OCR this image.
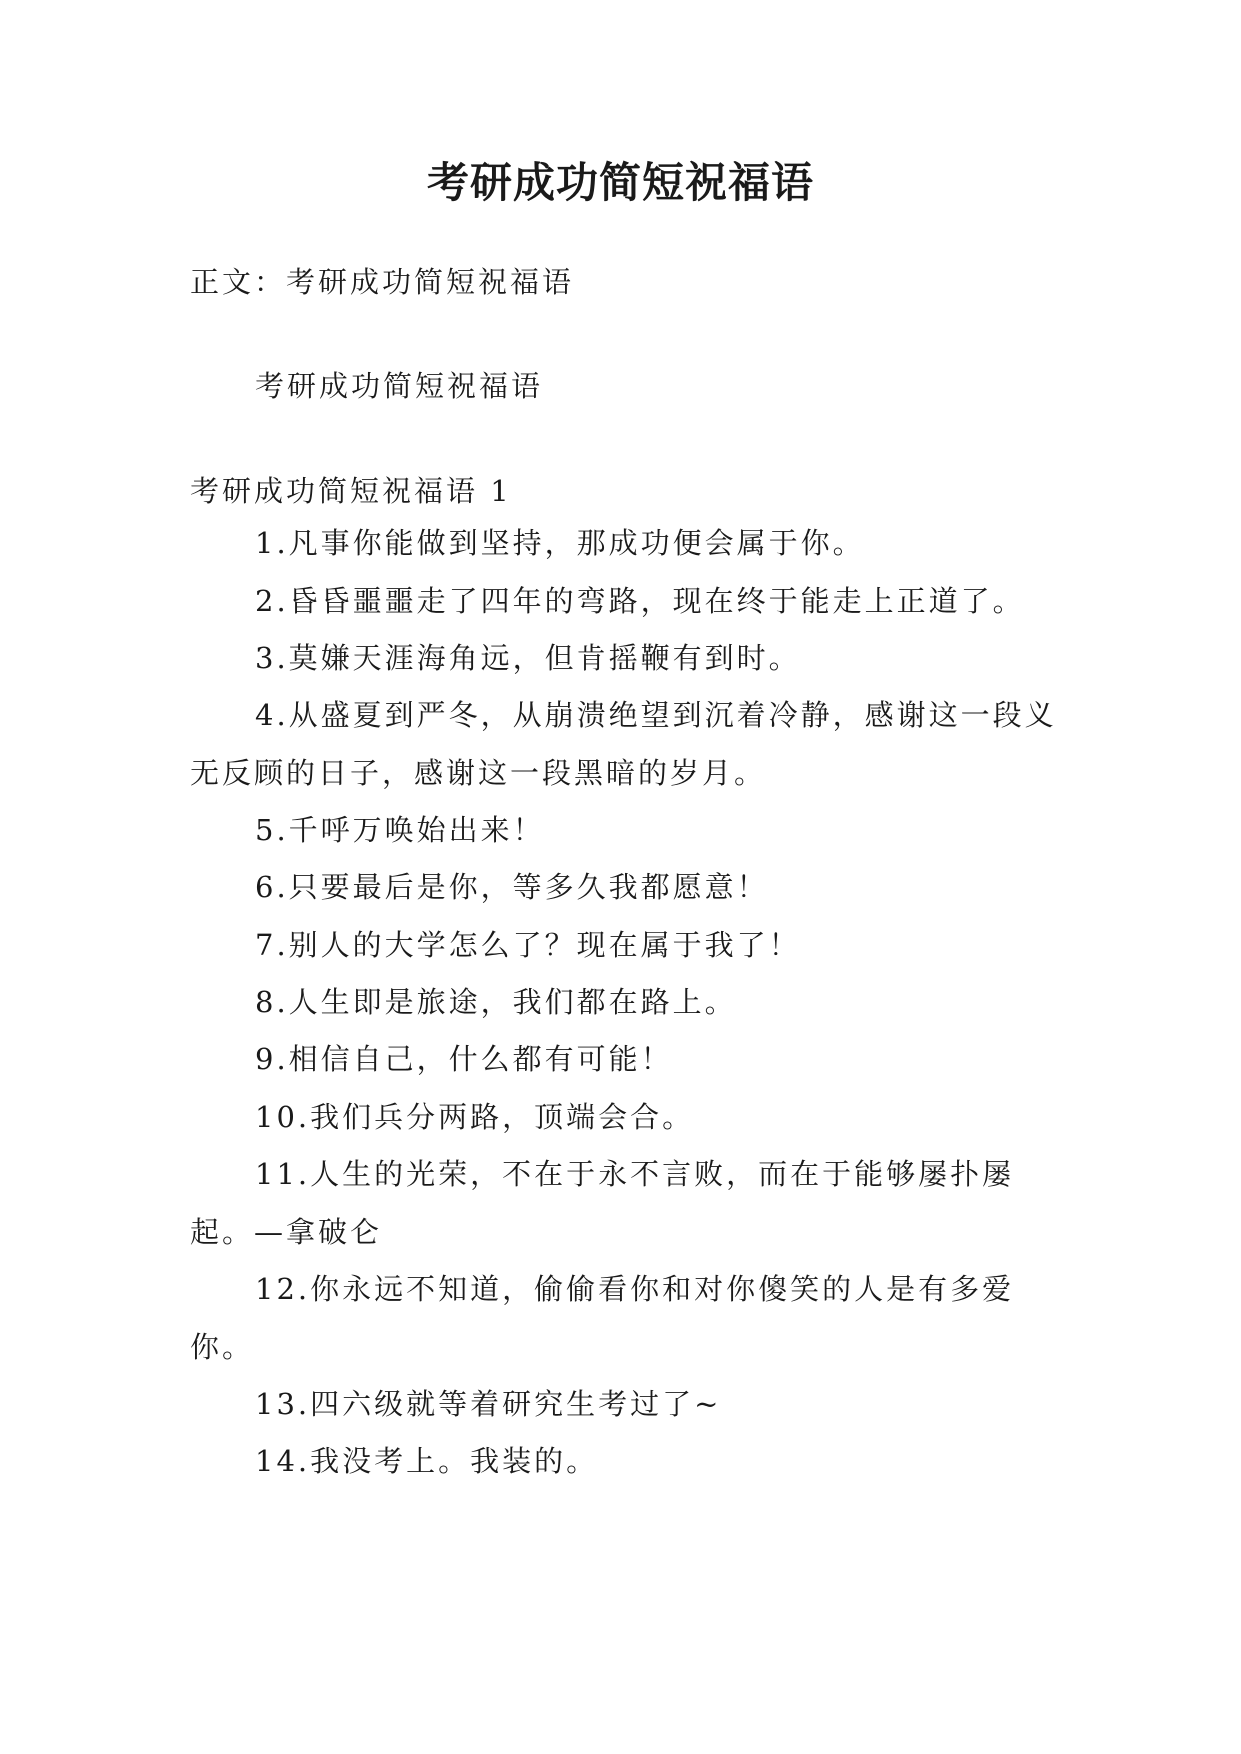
考研成功简短祝福语
正文：考研成功简短祝福语
考研成功简短祝福语
考研成功简短祝福语 1

1.凡事你能做到坚持，那成功便会属于你。

2.昏昏噩噩走了四年的弯路，现在终于能走上正道了。

3.莫嫌天涯海角远，但肯摇鞭有到时。

4.从盛夏到严冬，从崩溃绝望到沉着冷静，感谢这一段义无反顾的日子，感谢这一段黑暗的岁月。

5.千呼万唤始出来！

6.只要最后是你，等多久我都愿意！

7.别人的大学怎么了？现在属于我了！

8.人生即是旅途，我们都在路上。

9.相信自己，什么都有可能！

10.我们兵分两路，顶端会合。

11.人生的光荣，不在于永不言败，而在于能够屡扑屡起。—拿破仑

12.你永远不知道，偷偷看你和对你傻笑的人是有多爱你。

13.四六级就等着研究生考过了~

14.我没考上。我装的。
